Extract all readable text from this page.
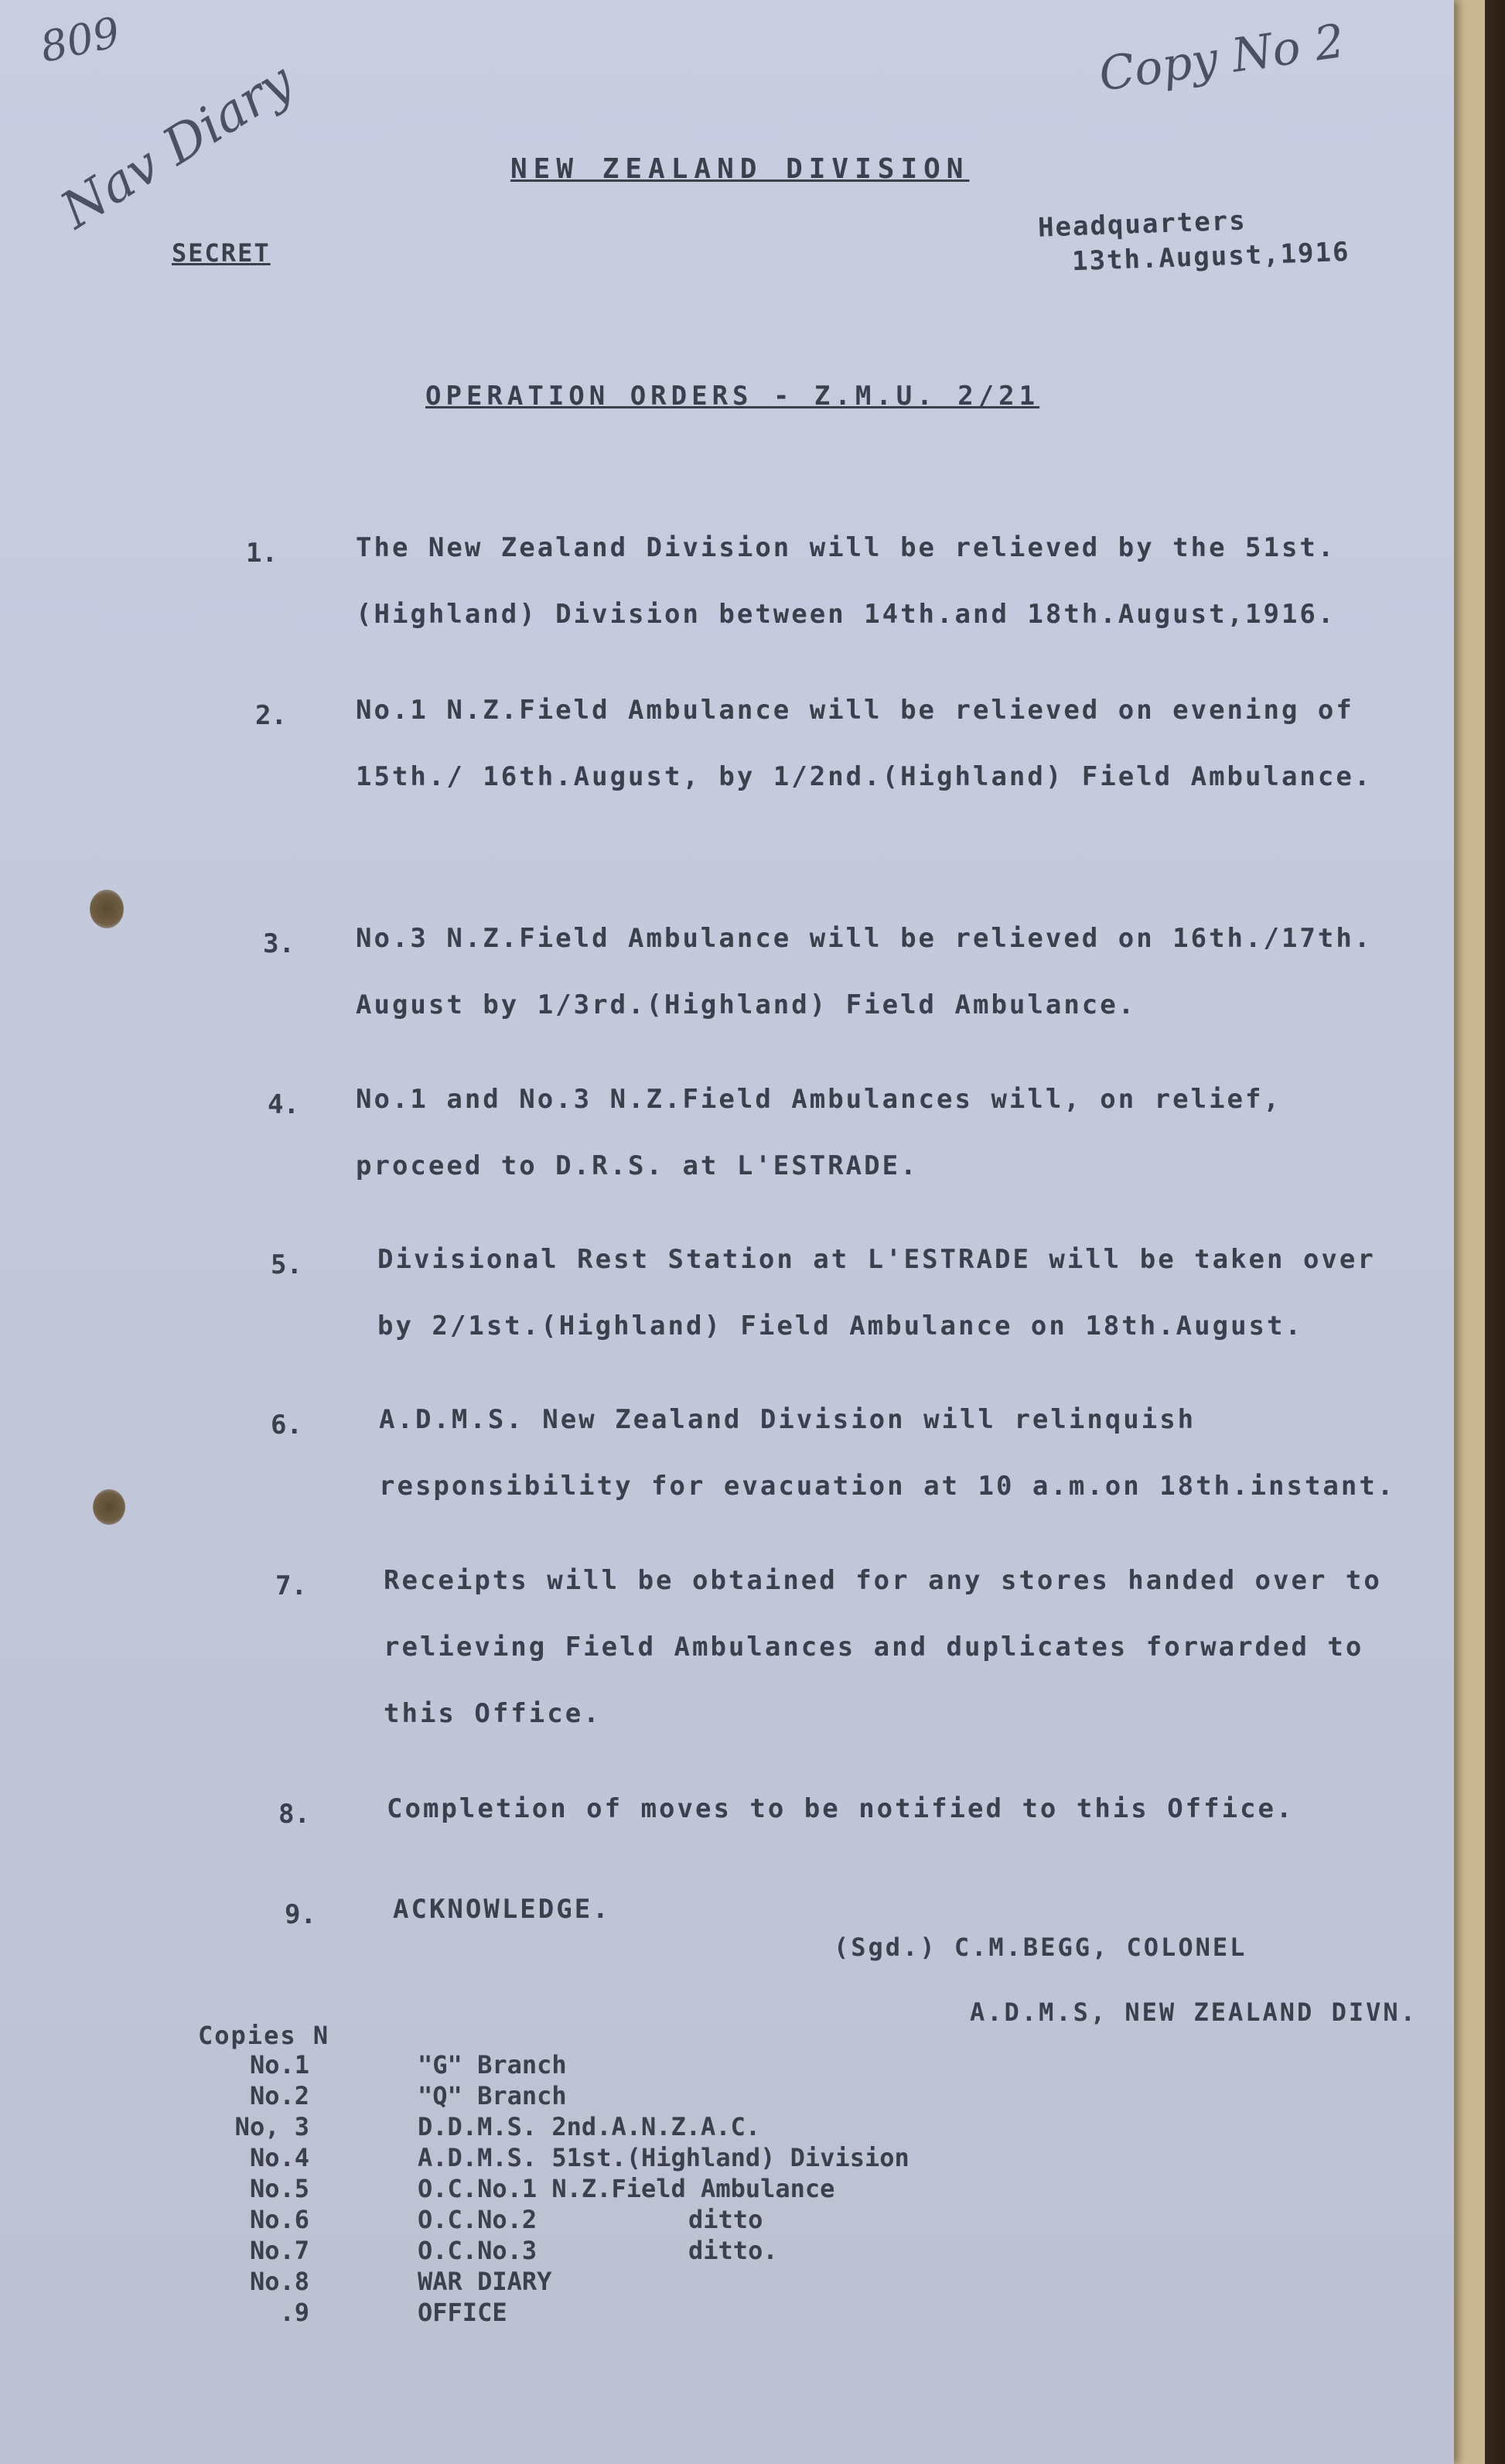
809
Nav Diary	Copy No 2
NEW ZEALAND DIVISION
SECRET
Headquarters
13th.August,1916
OPERATION ORDERS - Z.M.U. 2/21
1.	The New Zealand Division will be relieved by the 51st. (Highland) Division between 14th.and 18th.August,1916.
2.	No.1 N.Z.Field Ambulance will be relieved on evening of 15th./ 16th.August, by 1/2nd.(Highland) Field Ambulance.
3. No.3 N.Z.Field Ambulance will be relieved on 16th./17th. August by 1/3rd.(Highland) Field Ambulance.
4. No.1 and No.3 N.Z.Field Ambulances will, on relief, proceed to D.R.S. at L'ESTRADE.
5.	Divisional Rest Station at L'ESTRADE will be taken over by 2/1st.(Highland) Field Ambulance on 18th.August.
6.	A.D.M.S. New Zealand Division will relinquish responsibility for evacuation at 10 a.m.on 18th.instant.
7.	Receipts will be obtained for any stores handed over to relieving Field Ambulances and duplicates forwarded to this Office.
8.	Completion of moves to be notified to this Office.
9.	ACKNOWLEDGE.
(Sgd.) C.M.BEGG, COLONEL
A.D.M.S, NEW ZEALAND DIVN.
Copies N
No.1	"G" Branch
No.2	"Q" Branch
No, 3	D.D.M.S. 2nd.A.N.Z.A.C.
No.4	A.D.M.S. 51st.(Highland) Division
No.5	O.C.No.1 N.Z.Field Ambulance
No.6	O.C.No.2	ditto
No.7	O.C.No.3	ditto.
No.8	WAR DIARY
.9	OFFICE
